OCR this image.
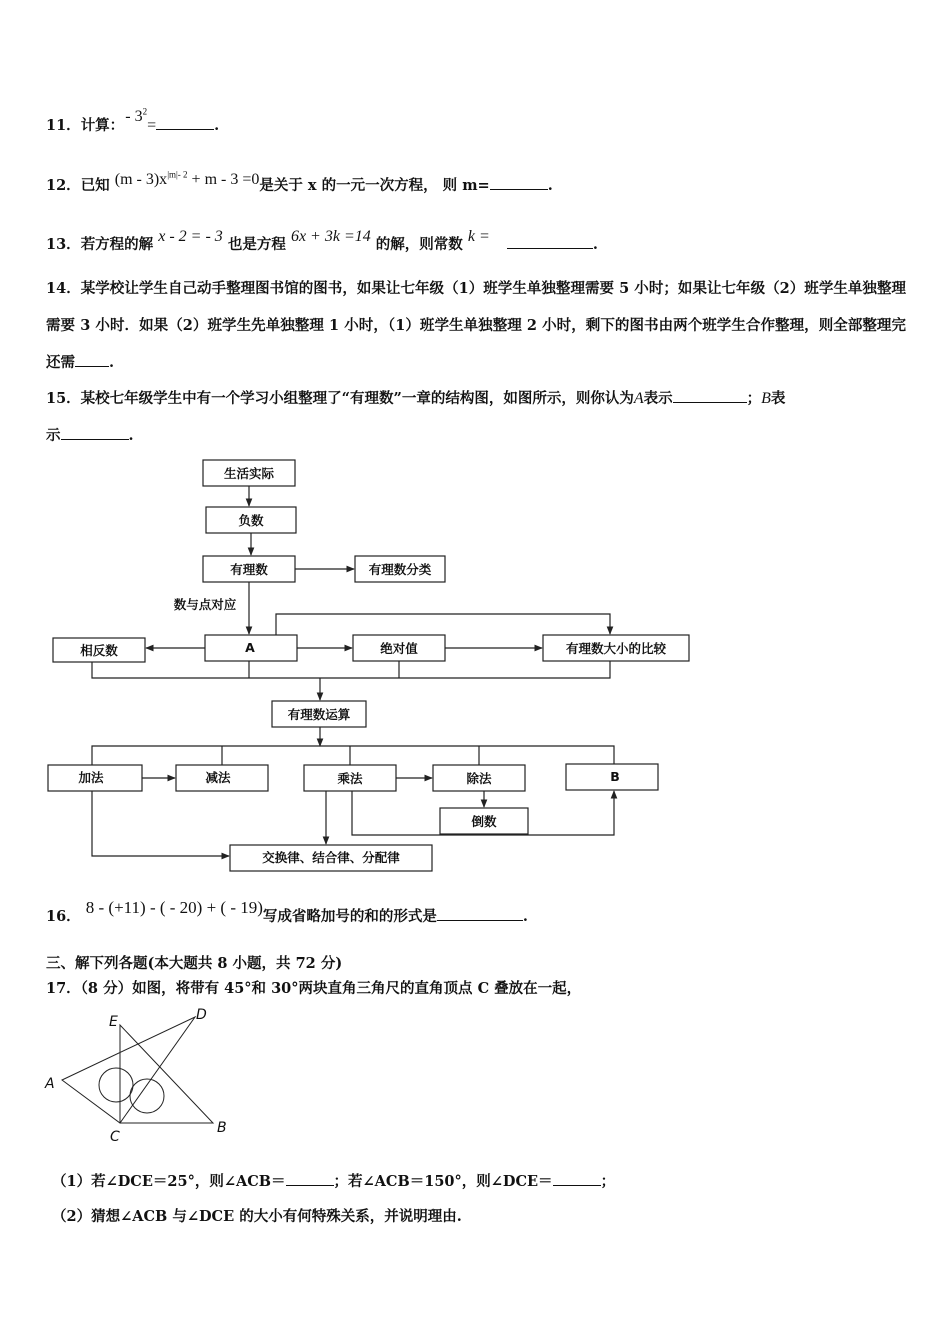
11．计算： - $3^2=$	.
12．已知 $(m - 3)x^{|m|- 2} + m - 3 =0$是关于 x 的一元一次方程， 则 m=	.
13．若方程的解 x - 2 = - 3 也是方程 6x + 3k =14 的解，则常数 k =	.
14．某学校让学生自己动手整理图书馆的图书，如果让七年级（1）班学生单独整理需要 5 小时；如果让七年级（2）班学生单独整理需要 3 小时．如果（2）班学生先单独整理 1 小时，（1）班学生单独整理 2 小时，剩下的图书由两个班学生合作整理，则全部整理完还需 .
15．某校七年级学生中有一个学习小组整理了“有理数”一章的结构图，如图所示，则你认为A表示	；B表
示	.
生活实际
负数
有理数	有理数分类
数与点对应
相反数	A	绝对值	有理数大小的比较
有理数运算
加法	减法	乘法	除法	B
倒数
交换律、结合律、分配律
E	D
A
C
B
16． 8 - (+11) - ( - 20) + ( - 19)写成省略加号的和的形式是	.
三、解下列各题(本大题共 8 小题，共 72 分)
17．（8 分）如图，将带有 45°和 30°两块直角三角尺的直角顶点 C 叠放在一起，
（1）若∠DCE＝25°，则∠ACB＝	；若∠ACB＝150°，则∠DCE＝	；
（2）猜想∠ACB 与∠DCE 的大小有何特殊关系，并说明理由.
